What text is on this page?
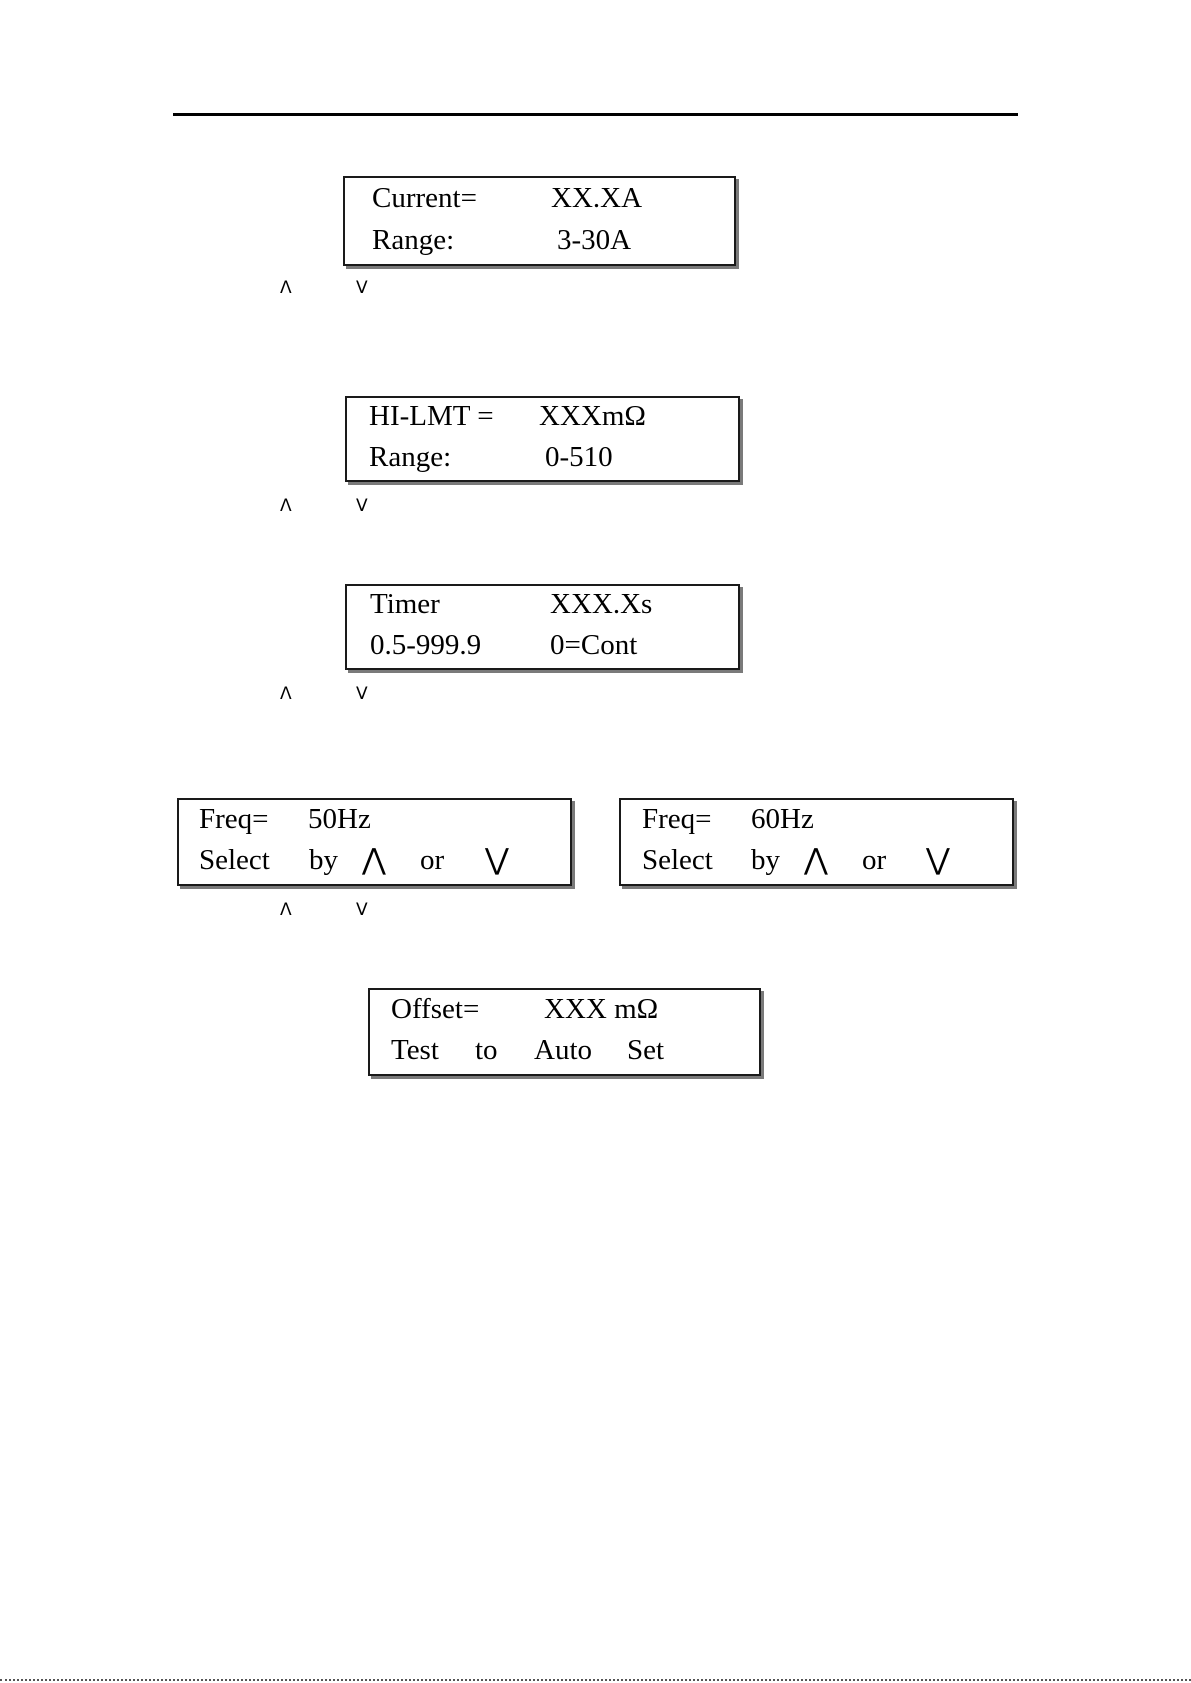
Current=	XX.XA
Range:	3-30A
Λ	V
HI-LMT = XXXmΩ
Range:	0-510
Λ	V
Timer	XXX.Xs
0.5-999.9 0=Cont
Λ	V
Freq= 50Hz
Select by ⋀ or ⋁
Freq= 60Hz
Select by ⋀ or ⋁
Λ	V
Offset= XXX mΩ
Test to Auto Set
